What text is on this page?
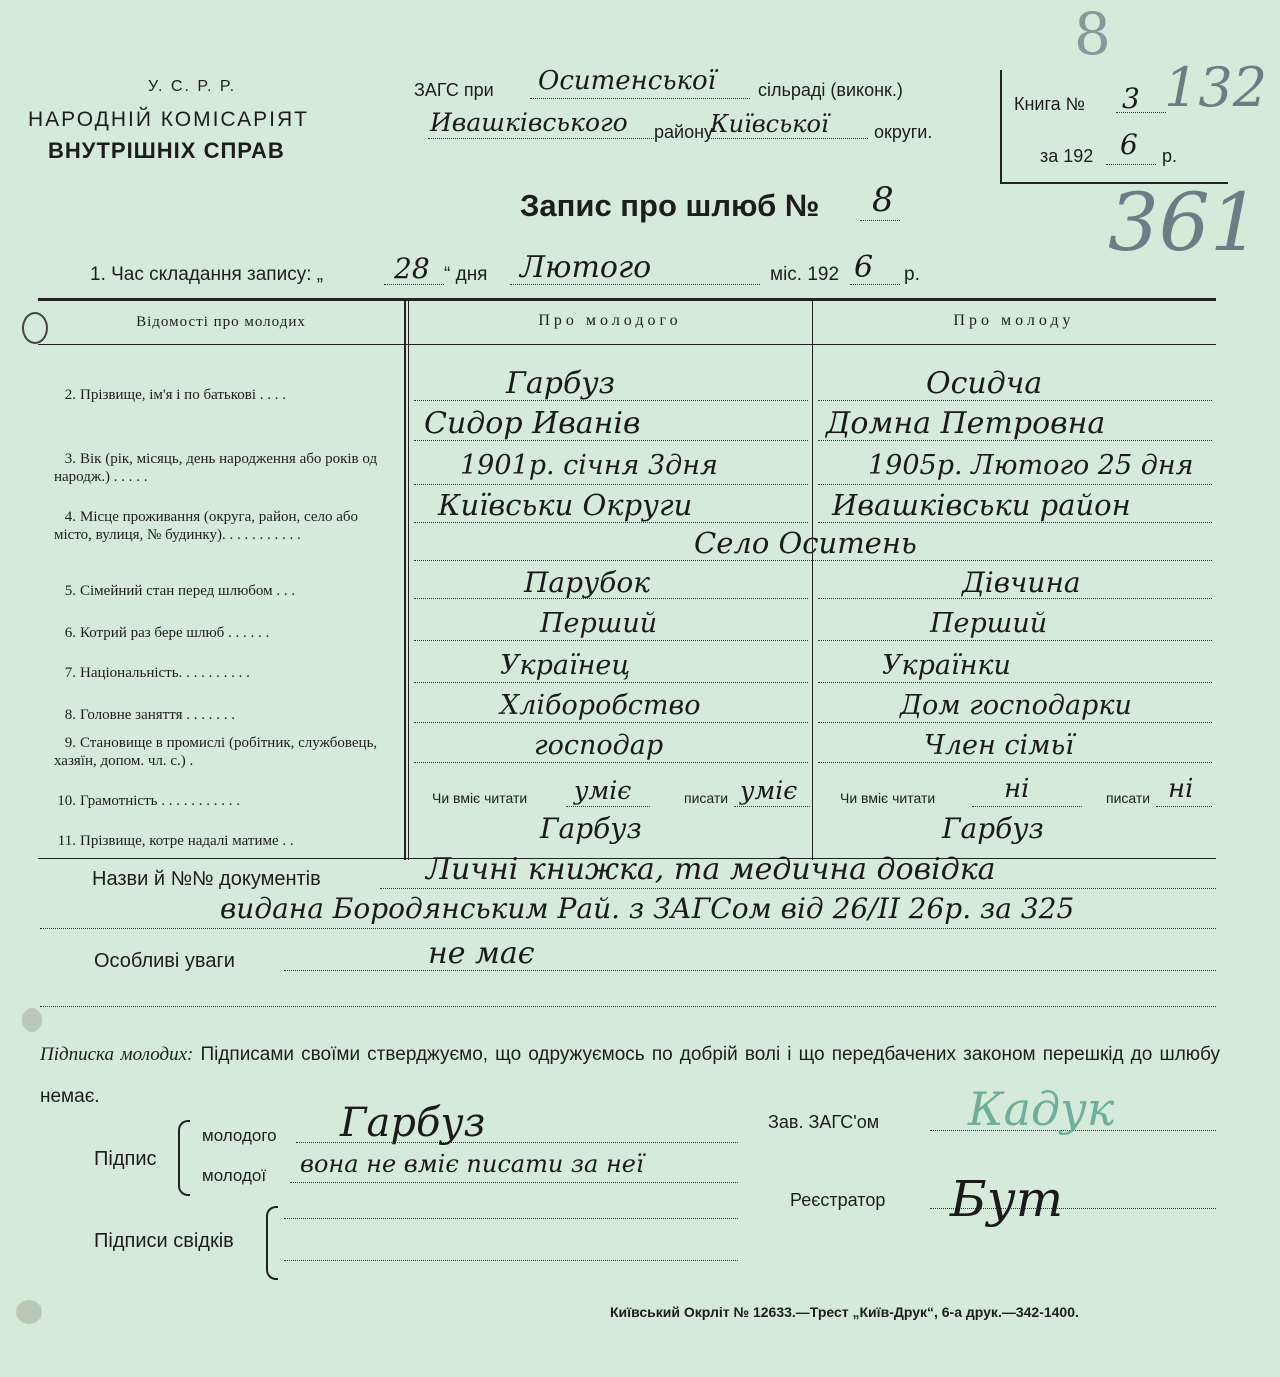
У. С. Р. Р.
НАРОДНІЙ КОМІСАРІЯТ
ВНУТРІШНІХ СПРАВ
ЗАГС при Оситенської сільраді (виконк.)
Ивашківського району
Київської	округи.
Книга № 3 132
за 192 6 р.
8
361
Запис про шлюб № 8
1. Час складання запису: „	28 “ дня Лютого	міс. 192 6 р.
Відомості про молодих	Про молодого	Про молоду
2. Прізвище, ім'я і по батькові . . . .	Гарбуз	Осидча
Сидор Иванів	Домна Петровна
3. Вік (рік, місяць, день народження або років од народж.) . . . . .	1901р. січня 3дня	1905р. Лютого 25 дня
4. Місце проживання (округа, район, село або місто, вулиця, № будинку). . . . . . . . . . .
Київськи Округи	Ивашківськи район
Село Оситень
5. Сімейний стан перед шлюбом . . .	Парубок	Дівчина
6. Котрий раз бере шлюб . . . . . .	Перший	Перший
7. Національність. . . . . . . . . .	Українец	Українки
8. Головне заняття . . . . . . .	Хліборобство	Дом господарки
9. Становище в промислі (робітник, службовець, хазяїн, допом. чл. с.) .	господар	Член сімьї
10. Грамотність . . . . . . . . . . .	Чи вміє читати уміє	писати уміє	Чи вміє читати	ні	писати ні
11. Прізвище, котре надалі матиме . .	Гарбуз	Гарбуз
Назви й №№ документів	Личні книжка, та медична довідка
видана Бородянським Рай. з ЗАГСом від 26/II 26р. за 325
Особливі уваги	не має
Підписка молодих: Підписами своїми стверджуємо, що одружуємось по добрій волі і що передбачених законом перешкід до шлюбу немає.
Підпис
молодого Гарбуз
молодої вона не вміє писати за неї
Підписи свідків
Зав. ЗАГС'ом Кадук
Реєстратор Бут
Київський Окрліт № 12633.—Трест „Київ-Друк“, 6-а друк.—342-1400.
